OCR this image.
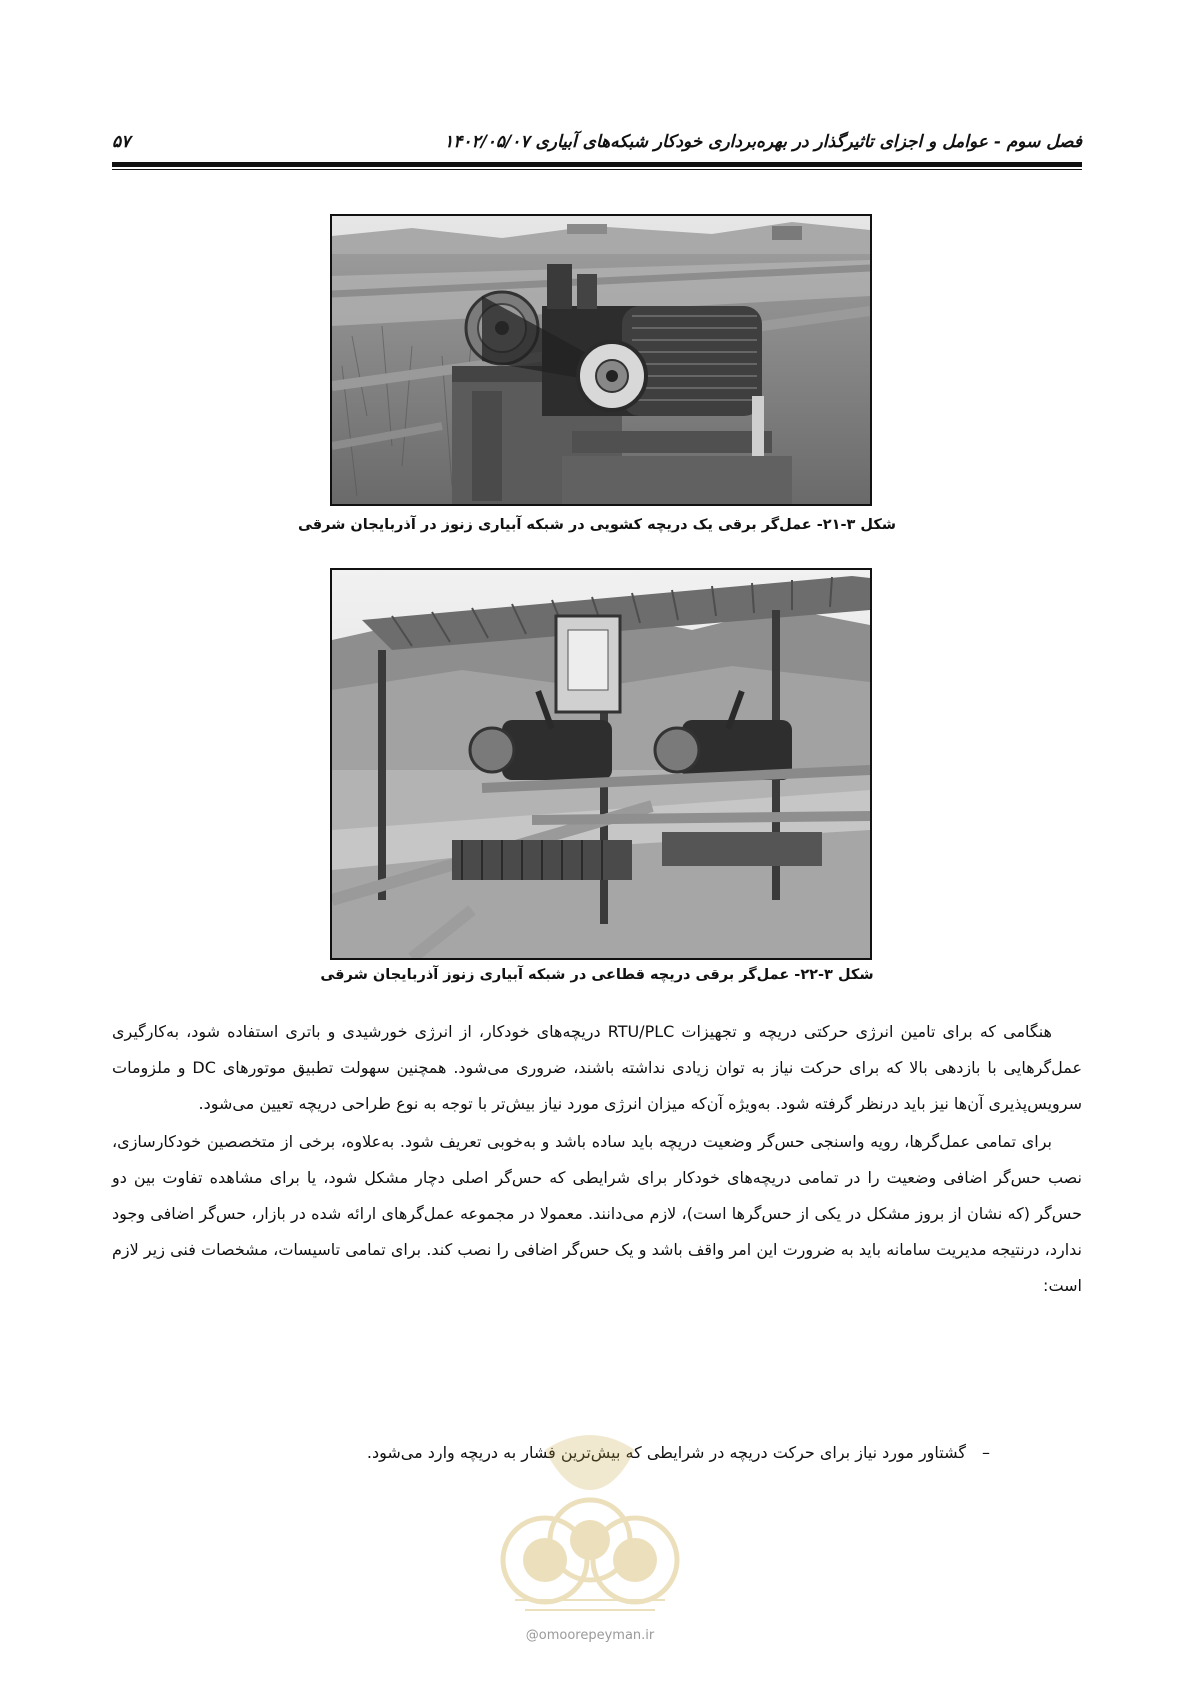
فصل سوم - عوامل و اجزای تاثیرگذار در بهره‌برداری خودکار شبکه‌های آبیاری ۱۴۰۲/۰۵/۰۷
۵۷
شکل ۳-۲۱- عمل‌گر برقی یک دریچه کشویی در شبکه آبیاری زنوز در آذربایجان شرقی
شکل ۳-۲۲- عمل‌گر برقی دریچه قطاعی در شبکه آبیاری زنوز آذربایجان شرقی

هنگامی که برای تامین انرژی حرکتی دریچه و تجهیزات RTU/PLC دریچه‌های خودکار، از انرژی خورشیدی و باتری استفاده شود، به‌کارگیری عمل‌گرهایی با بازدهی بالا که برای حرکت نیاز به توان زیادی نداشته باشند، ضروری می‌شود. همچنین سهولت تطبیق موتورهای DC و ملزومات سرویس‌پذیری آن‌ها نیز باید درنظر گرفته شود. به‌ویژه آن‌که میزان انرژی مورد نیاز بیش‌تر با توجه به نوع طراحی دریچه تعیین می‌شود.

برای تمامی عمل‌گرها، رویه واسنجی حس‌گر وضعیت دریچه باید ساده باشد و به‌خوبی تعریف شود. به‌علاوه، برخی از متخصصین خودکارسازی، نصب حس‌گر اضافی وضعیت را در تمامی دریچه‌های خودکار برای شرایطی که حس‌گر اصلی دچار مشکل شود، یا برای مشاهده تفاوت بین دو حس‌گر (که نشان از بروز مشکل در یکی از حس‌گرها است)، لازم می‌دانند. معمولا در مجموعه عمل‌گرهای ارائه شده در بازار، حس‌گر اضافی وجود ندارد، درنتیجه مدیریت سامانه باید به ضرورت این امر واقف باشد و یک حس‌گر اضافی را نصب کند. برای تمامی تاسیسات، مشخصات فنی زیر لازم است:

–گشتاور مورد نیاز برای حرکت دریچه در شرایطی که بیش‌ترین فشار به دریچه وارد می‌شود.
@omoorepeyman.ir
